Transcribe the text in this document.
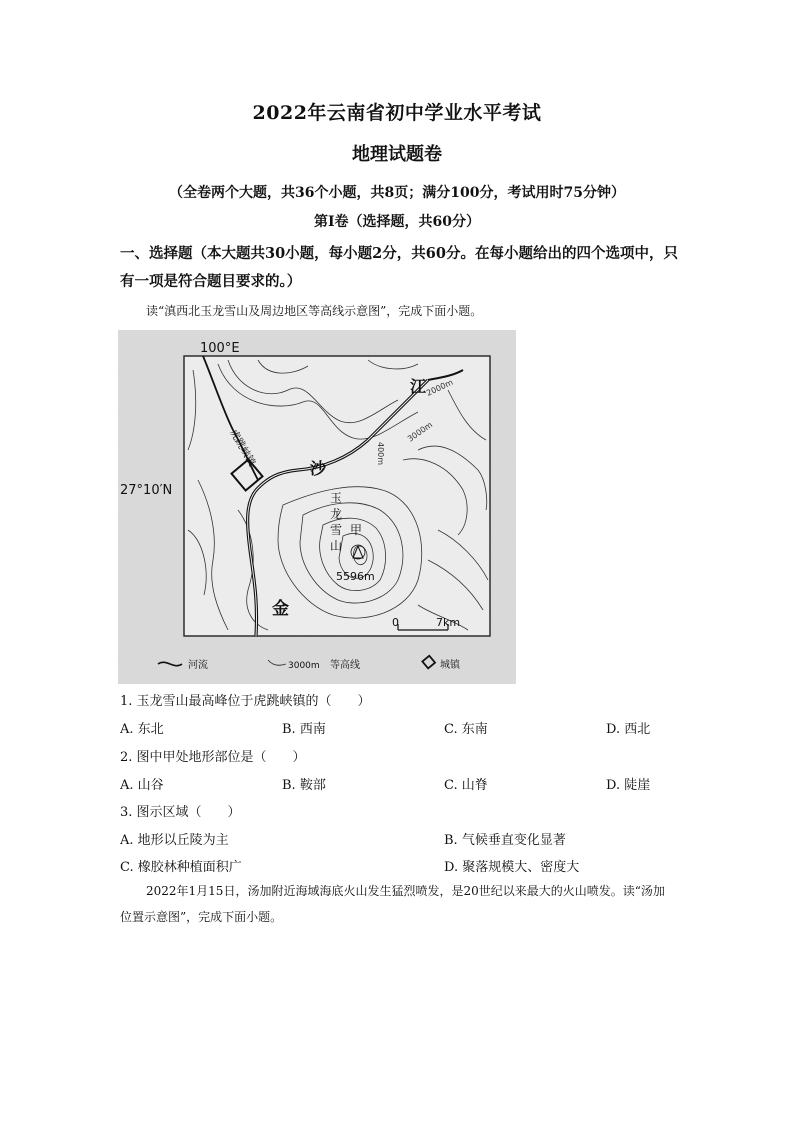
2022年云南省初中学业水平考试
地理试题卷
（全卷两个大题，共36个小题，共8页；满分100分，考试用时75分钟）
第Ⅰ卷（选择题，共60分）
一、选择题（本大题共30小题，每小题2分，共60分。在每小题给出的四个选项中，只有一项是符合题目要求的。）

读“滇西北玉龙雪山及周边地区等高线示意图”，完成下面小题。

100°E
27°10′N
江
沙
金
虎跳峡镇
玉
龙
雪
山
甲
5596m
2000m
3000m
400m
0	7km
河流	3000m 等高线	城镇
1. 玉龙雪山最高峰位于虎跳峡镇的（　　）
A. 东北	B. 西南	C. 东南	D. 西北
2. 图中甲处地形部位是（　　）
A. 山谷	B. 鞍部	C. 山脊	D. 陡崖
3. 图示区域（　　）
A. 地形以丘陵为主	B. 气候垂直变化显著
C. 橡胶林种植面积广	D. 聚落规模大、密度大

2022年1月15日，汤加附近海域海底火山发生猛烈喷发，是20世纪以来最大的火山喷发。读“汤加位置示意图”，完成下面小题。
